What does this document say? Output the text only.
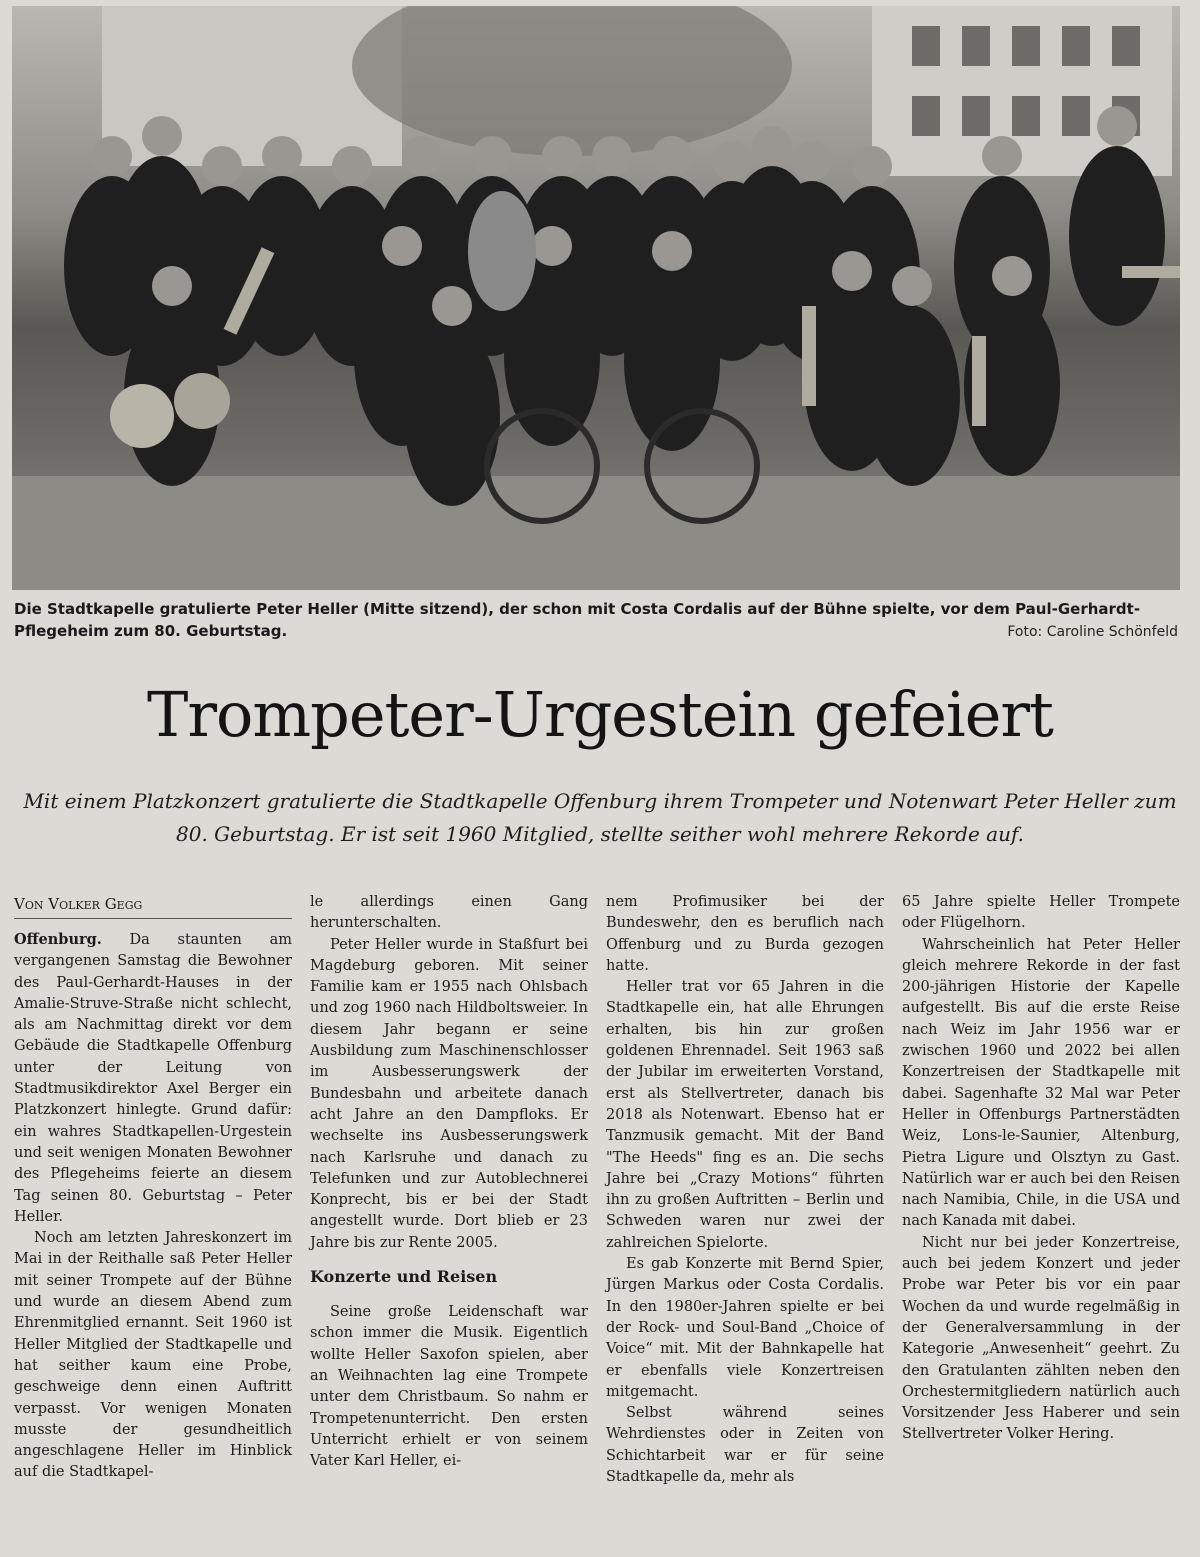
Die Stadtkapelle gratulierte Peter Heller (Mitte sitzend), der schon mit Costa Cordalis auf der Bühne spielte, vor dem Paul-Gerhardt-Pflegeheim zum 80. Geburtstag.	Foto: Caroline Schönfeld
Trompeter-Urgestein gefeiert
Mit einem Platzkonzert gratulierte die Stadtkapelle Offenburg ihrem Trompeter und Notenwart Peter Heller zum 80. Geburtstag. Er ist seit 1960 Mitglied, stellte seither wohl mehrere Rekorde auf.
Von Volker Gegg

Offenburg. Da staunten am vergangenen Samstag die Bewohner des Paul-Gerhardt-Hauses in der Amalie-Struve-Straße nicht schlecht, als am Nachmittag direkt vor dem Gebäude die Stadtkapelle Offenburg unter der Leitung von Stadtmusikdirektor Axel Berger ein Platzkonzert hinlegte. Grund dafür: ein wahres Stadtkapellen-Urgestein und seit wenigen Monaten Bewohner des Pflegeheims feierte an diesem Tag seinen 80. Geburtstag – Peter Heller.

Noch am letzten Jahreskonzert im Mai in der Reithalle saß Peter Heller mit seiner Trompete auf der Bühne und wurde an diesem Abend zum Ehrenmitglied ernannt. Seit 1960 ist Heller Mitglied der Stadtkapelle und hat seither kaum eine Probe, geschweige denn einen Auftritt verpasst. Vor wenigen Monaten musste der gesundheitlich angeschlagene Heller im Hinblick auf die Stadtkapel-

le allerdings einen Gang herunterschalten.

Peter Heller wurde in Staßfurt bei Magdeburg geboren. Mit seiner Familie kam er 1955 nach Ohlsbach und zog 1960 nach Hildboltsweier. In diesem Jahr begann er seine Ausbildung zum Maschinenschlosser im Ausbesserungswerk der Bundesbahn und arbeitete danach acht Jahre an den Dampfloks. Er wechselte ins Ausbesserungswerk nach Karlsruhe und danach zu Telefunken und zur Autoblechnerei Konprecht, bis er bei der Stadt angestellt wurde. Dort blieb er 23 Jahre bis zur Rente 2005.

Konzerte und Reisen

Seine große Leidenschaft war schon immer die Musik. Eigentlich wollte Heller Saxofon spielen, aber an Weihnachten lag eine Trompete unter dem Christbaum. So nahm er Trompetenunterricht. Den ersten Unterricht erhielt er von seinem Vater Karl Heller, ei-

nem Profimusiker bei der Bundeswehr, den es beruflich nach Offenburg und zu Burda gezogen hatte.

Heller trat vor 65 Jahren in die Stadtkapelle ein, hat alle Ehrungen erhalten, bis hin zur großen goldenen Ehrennadel. Seit 1963 saß der Jubilar im erweiterten Vorstand, erst als Stellvertreter, danach bis 2018 als Notenwart. Ebenso hat er Tanzmusik gemacht. Mit der Band "The Heeds" fing es an. Die sechs Jahre bei „Crazy Motions“ führten ihn zu großen Auftritten – Berlin und Schweden waren nur zwei der zahlreichen Spielorte.

Es gab Konzerte mit Bernd Spier, Jürgen Markus oder Costa Cordalis. In den 1980er-Jahren spielte er bei der Rock- und Soul-Band „Choice of Voice“ mit. Mit der Bahnkapelle hat er ebenfalls viele Konzertreisen mitgemacht.

Selbst während seines Wehrdienstes oder in Zeiten von Schichtarbeit war er für seine Stadtkapelle da, mehr als

65 Jahre spielte Heller Trompete oder Flügelhorn.

Wahrscheinlich hat Peter Heller gleich mehrere Rekorde in der fast 200-jährigen Historie der Kapelle aufgestellt. Bis auf die erste Reise nach Weiz im Jahr 1956 war er zwischen 1960 und 2022 bei allen Konzertreisen der Stadtkapelle mit dabei. Sagenhafte 32 Mal war Peter Heller in Offenburgs Partnerstädten Weiz, Lons-le-Saunier, Altenburg, Pietra Ligure und Olsztyn zu Gast. Natürlich war er auch bei den Reisen nach Namibia, Chile, in die USA und nach Kanada mit dabei.

Nicht nur bei jeder Konzertreise, auch bei jedem Konzert und jeder Probe war Peter bis vor ein paar Wochen da und wurde regelmäßig in der Generalversammlung in der Kategorie „Anwesenheit“ geehrt. Zu den Gratulanten zählten neben den Orchestermitgliedern natürlich auch Vorsitzender Jess Haberer und sein Stellvertreter Volker Hering.
